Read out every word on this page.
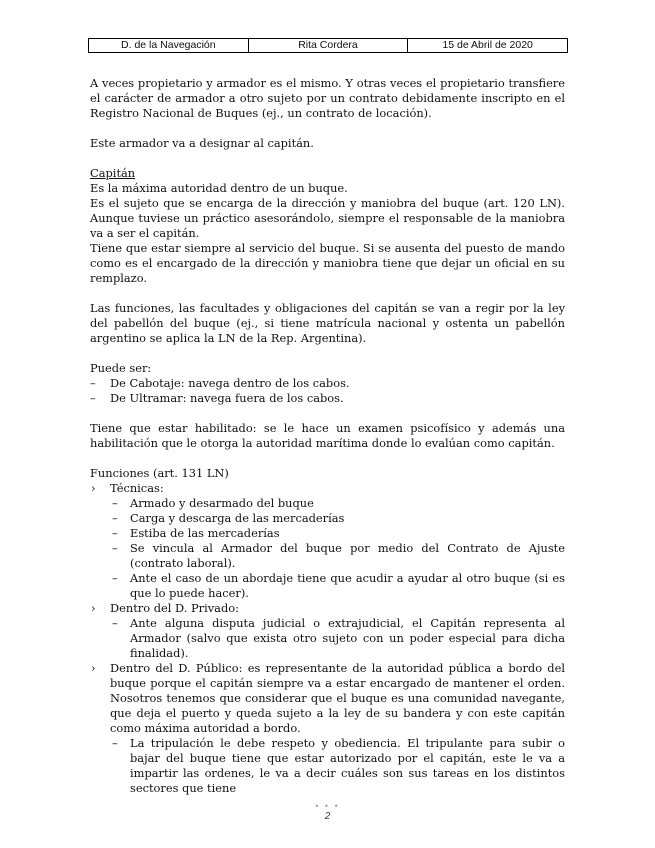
D. de la Navegación	Rita Cordera	15 de Abril de 2020

A veces propietario y armador es el mismo. Y otras veces el propietario transfiere el carácter de armador a otro sujeto por un contrato debidamente inscripto en el Registro Nacional de Buques (ej., un contrato de locación).

Este armador va a designar al capitán.

Capitán

Es la máxima autoridad dentro de un buque.

Es el sujeto que se encarga de la dirección y maniobra del buque (art. 120 LN). Aunque tuviese un práctico asesorándolo, siempre el responsable de la maniobra va a ser el capitán.

Tiene que estar siempre al servicio del buque. Si se ausenta del puesto de mando como es el encargado de la dirección y maniobra tiene que dejar un oficial en su remplazo.

Las funciones, las facultades y obligaciones del capitán se van a regir por la ley del pabellón del buque (ej., si tiene matrícula nacional y ostenta un pabellón argentino se aplica la LN de la Rep. Argentina).

Puede ser:

– De Cabotaje: navega dentro de los cabos.
– De Ultramar: navega fuera de los cabos.

Tiene que estar habilitado: se le hace un examen psicofísico y además una habilitación que le otorga la autoridad marítima donde lo evalúan como capitán.

Funciones (art. 131 LN)

› Técnicas:
– Armado y desarmado del buque
– Carga y descarga de las mercaderías
– Estiba de las mercaderías
– Se vincula al Armador del buque por medio del Contrato de Ajuste (contrato laboral).
– Ante el caso de un abordaje tiene que acudir a ayudar al otro buque (si es que lo puede hacer).
› Dentro del D. Privado:
– Ante alguna disputa judicial o extrajudicial, el Capitán representa al Armador (salvo que exista otro sujeto con un poder especial para dicha finalidad).
› Dentro del D. Público: es representante de la autoridad pública a bordo del buque porque el capitán siempre va a estar encargado de mantener el orden. Nosotros tenemos que considerar que el buque es una comunidad navegante, que deja el puerto y queda sujeto a la ley de su bandera y con este capitán como máxima autoridad a bordo.
– La tripulación le debe respeto y obediencia. El tripulante para subir o bajar del buque tiene que estar autorizado por el capitán, este le va a impartir las ordenes, le va a decir cuáles son sus tareas en los distintos sectores que tiene
• • •
2
